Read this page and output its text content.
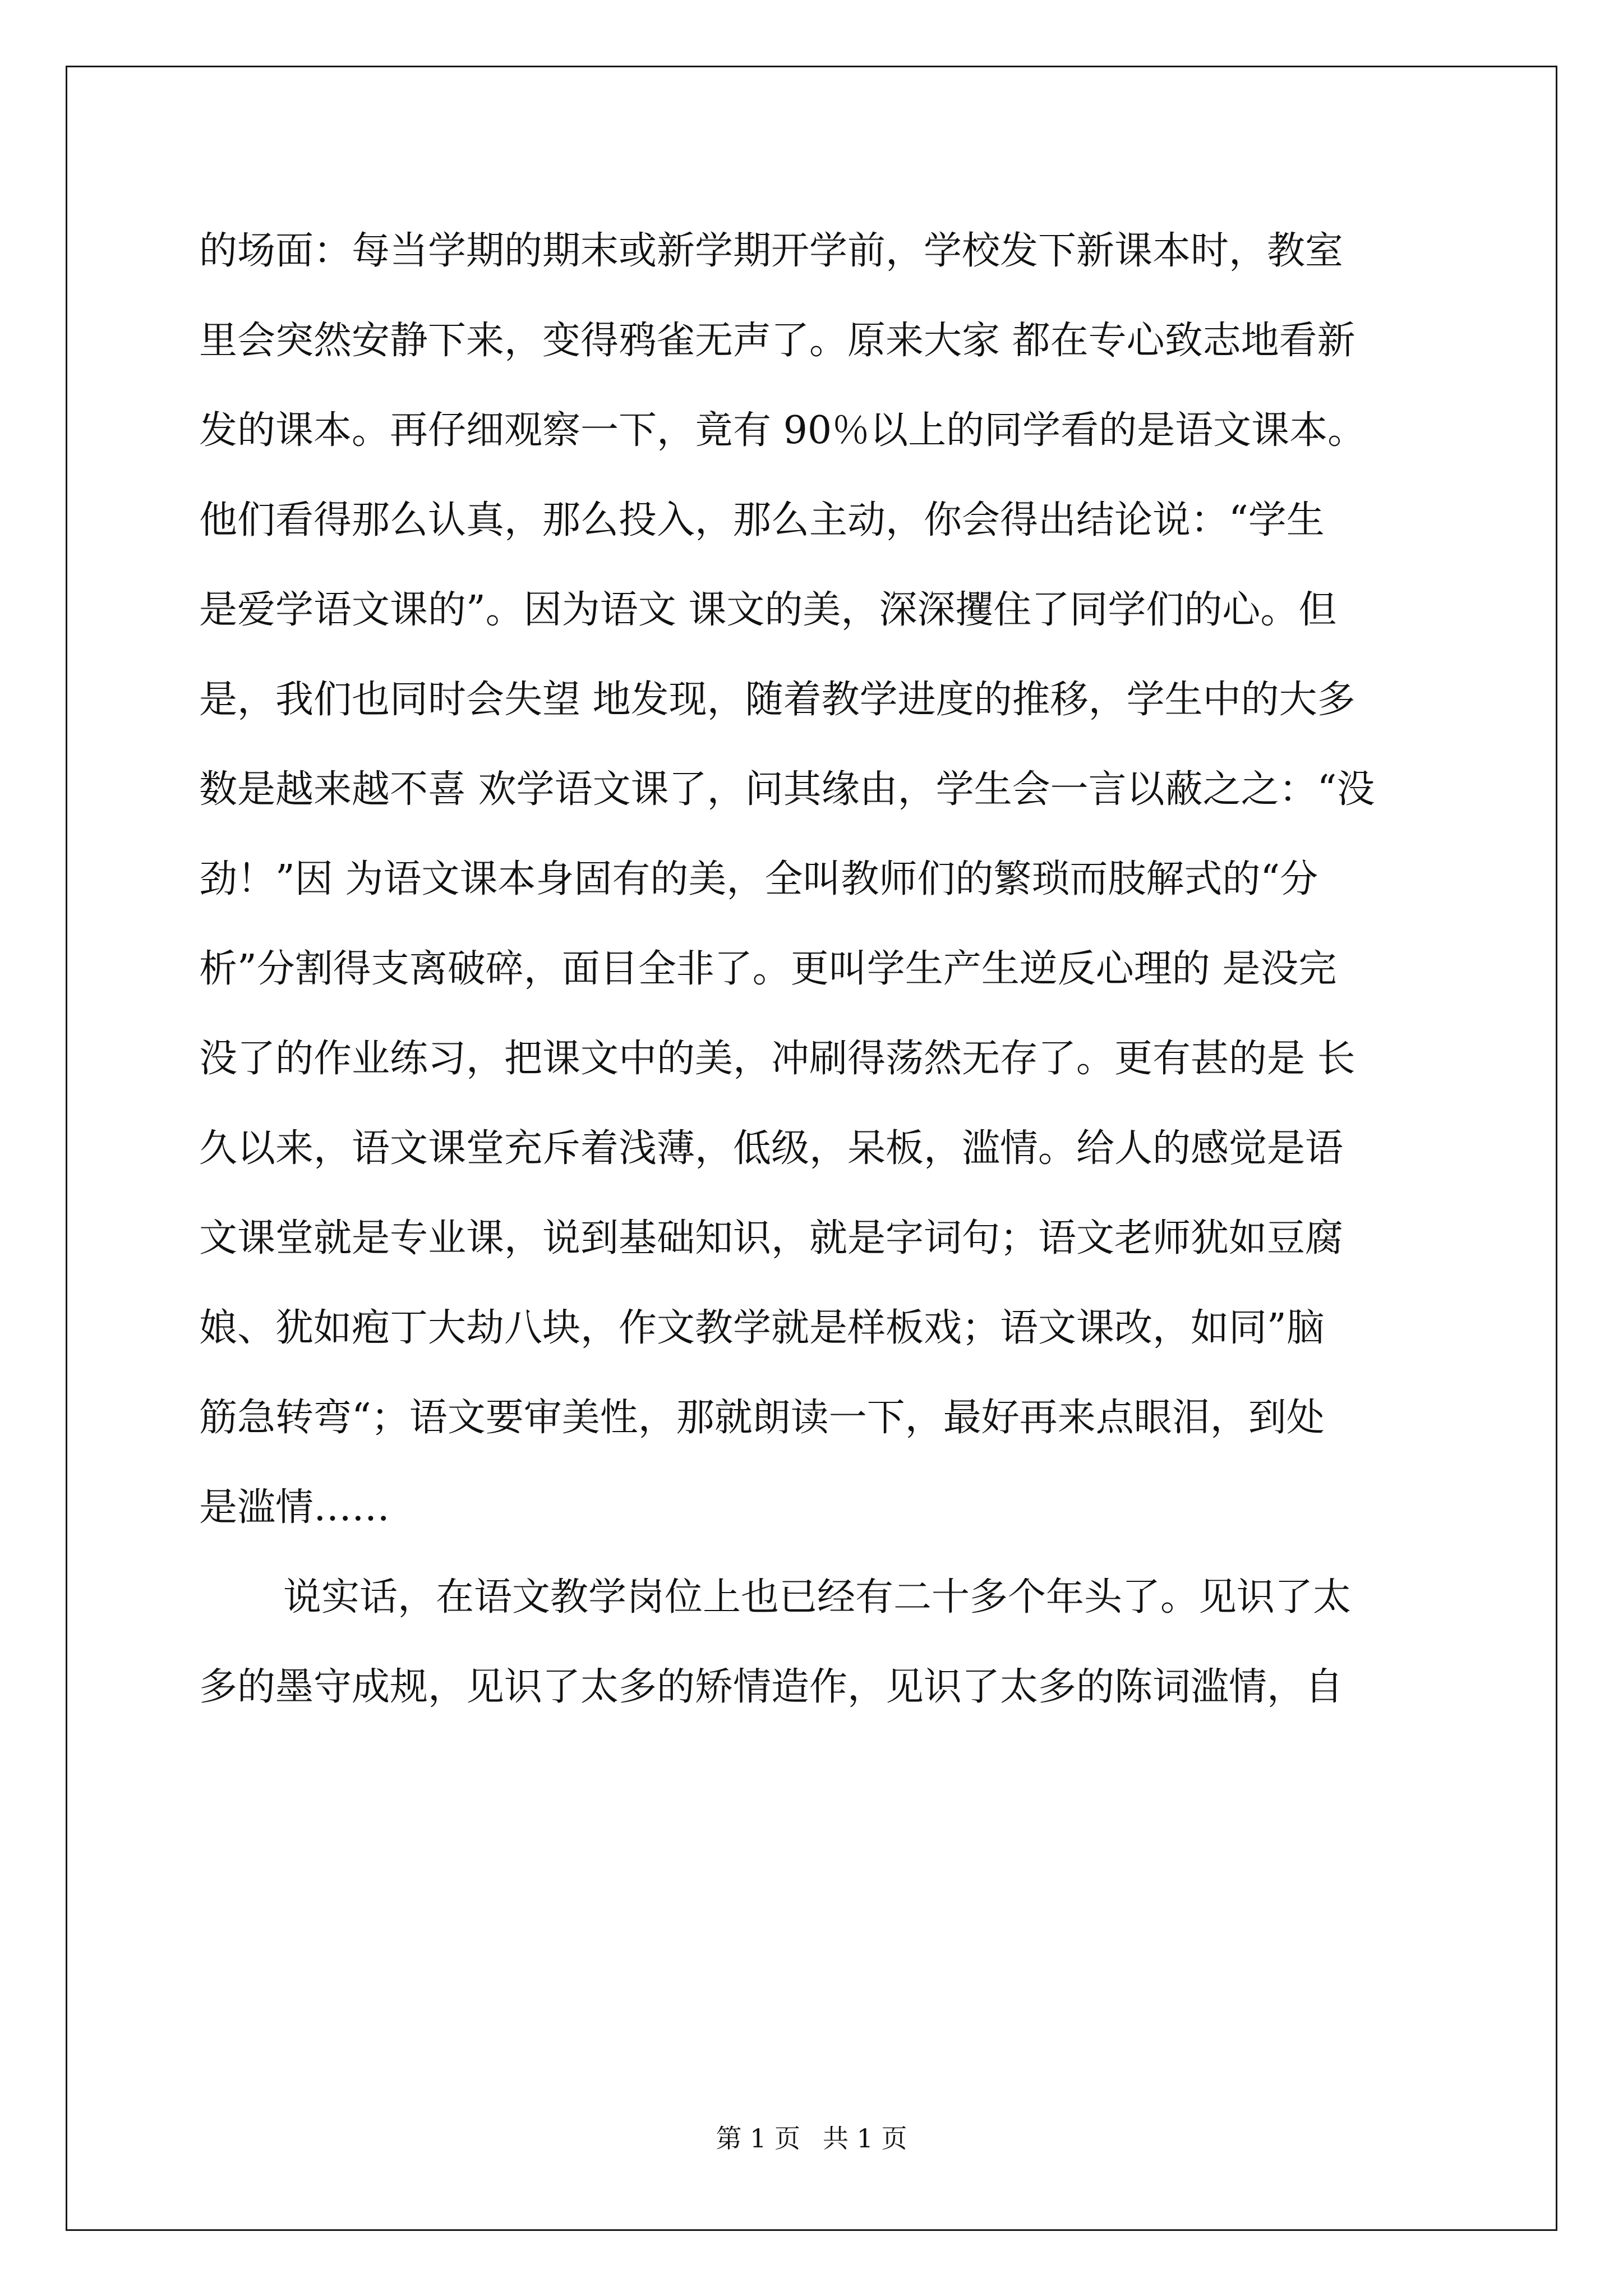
的场面：每当学期的期末或新学期开学前，学校发下新课本时，教室
里会突然安静下来，变得鸦雀无声了。原来大家 都在专心致志地看新
发的课本。再仔细观察一下，竟有 90％以上的同学看的是语文课本。
他们看得那么认真，那么投入，那么主动，你会得出结论说：“学生
是爱学语文课的”。因为语文 课文的美，深深攫住了同学们的心。但
是，我们也同时会失望 地发现，随着教学进度的推移，学生中的大多
数是越来越不喜 欢学语文课了，问其缘由，学生会一言以蔽之之：“没
劲！”因 为语文课本身固有的美，全叫教师们的繁琐而肢解式的“分
析”分割得支离破碎，面目全非了。更叫学生产生逆反心理的 是没完
没了的作业练习，把课文中的美，冲刷得荡然无存了。更有甚的是 长
久以来，语文课堂充斥着浅薄，低级，呆板，滥情。给人的感觉是语
文课堂就是专业课，说到基础知识，就是字词句；语文老师犹如豆腐
娘、犹如疱丁大劫八块，作文教学就是样板戏；语文课改，如同”脑
筋急转弯“；语文要审美性，那就朗读一下，最好再来点眼泪，到处
是滥情……
说实话，在语文教学岗位上也已经有二十多个年头了。见识了太
多的墨守成规，见识了太多的矫情造作，见识了太多的陈词滥情，自
第 1 页 共 1 页
